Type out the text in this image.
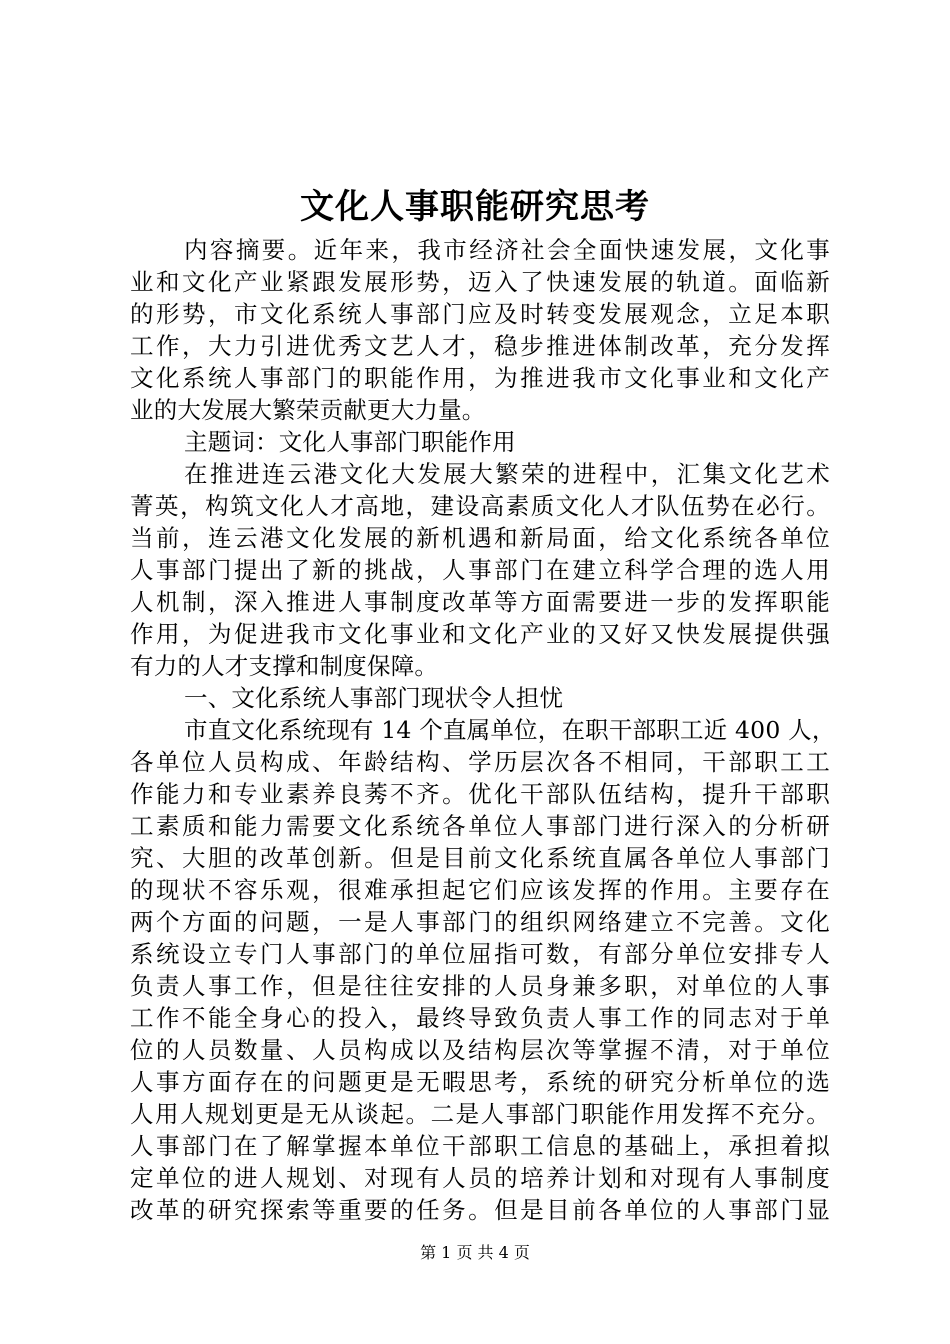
文化人事职能研究思考
内容摘要。近年来，我市经济社会全面快速发展，文化事
业和文化产业紧跟发展形势，迈入了快速发展的轨道。面临新
的形势，市文化系统人事部门应及时转变发展观念，立足本职
工作，大力引进优秀文艺人才，稳步推进体制改革，充分发挥
文化系统人事部门的职能作用，为推进我市文化事业和文化产
业的大发展大繁荣贡献更大力量。
主题词：文化人事部门职能作用
在推进连云港文化大发展大繁荣的进程中，汇集文化艺术
菁英，构筑文化人才高地，建设高素质文化人才队伍势在必行。
当前，连云港文化发展的新机遇和新局面，给文化系统各单位
人事部门提出了新的挑战，人事部门在建立科学合理的选人用
人机制，深入推进人事制度改革等方面需要进一步的发挥职能
作用，为促进我市文化事业和文化产业的又好又快发展提供强
有力的人才支撑和制度保障。
一、文化系统人事部门现状令人担忧
市直文化系统现有 14 个直属单位，在职干部职工近 400 人，
各单位人员构成、年龄结构、学历层次各不相同，干部职工工
作能力和专业素养良莠不齐。优化干部队伍结构，提升干部职
工素质和能力需要文化系统各单位人事部门进行深入的分析研
究、大胆的改革创新。但是目前文化系统直属各单位人事部门
的现状不容乐观，很难承担起它们应该发挥的作用。主要存在
两个方面的问题，一是人事部门的组织网络建立不完善。文化
系统设立专门人事部门的单位屈指可数，有部分单位安排专人
负责人事工作，但是往往安排的人员身兼多职，对单位的人事
工作不能全身心的投入，最终导致负责人事工作的同志对于单
位的人员数量、人员构成以及结构层次等掌握不清，对于单位
人事方面存在的问题更是无暇思考，系统的研究分析单位的选
人用人规划更是无从谈起。二是人事部门职能作用发挥不充分。
人事部门在了解掌握本单位干部职工信息的基础上，承担着拟
定单位的进人规划、对现有人员的培养计划和对现有人事制度
改革的研究探索等重要的任务。但是目前各单位的人事部门显
第 1 页 共 4 页
